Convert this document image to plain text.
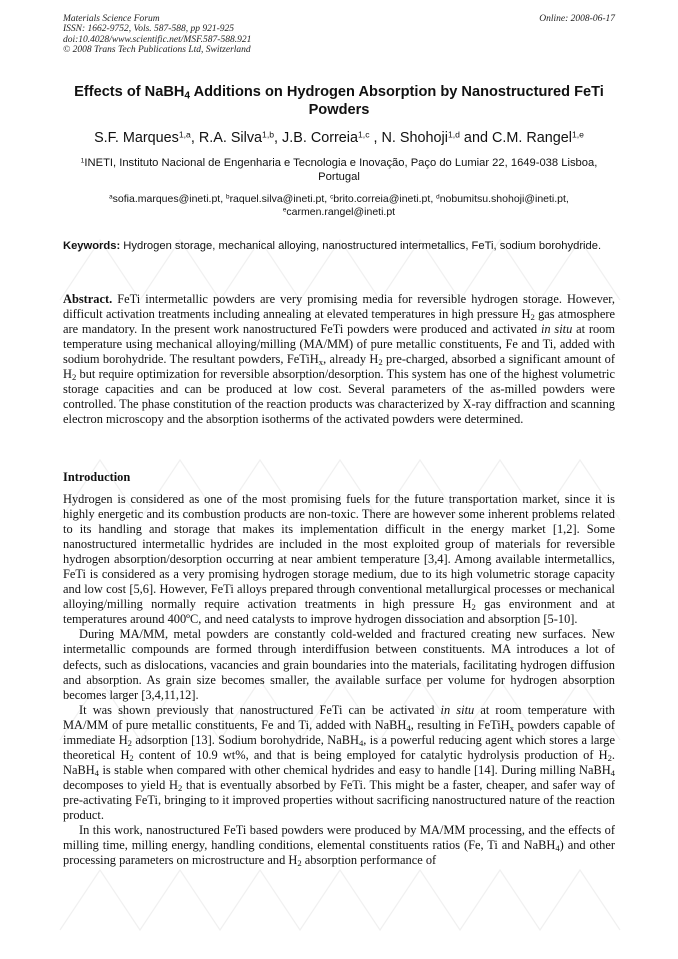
Materials Science Forum
ISSN: 1662-9752, Vols. 587-588, pp 921-925
doi:10.4028/www.scientific.net/MSF.587-588.921
© 2008 Trans Tech Publications Ltd, Switzerland
Online: 2008-06-17
Effects of NaBH$_4$ Additions on Hydrogen Absorption by Nanostructured FeTi Powders
S.F. Marques$^{1,a}$, R.A. Silva$^{1,b}$, J.B. Correia$^{1,c}$ , N. Shohoji$^{1,d}$ and C.M. Rangel$^{1,e}$
$^1$INETI, Instituto Nacional de Engenharia e Tecnologia e Inovação, Paço do Lumiar 22, 1649-038 Lisboa, Portugal
$^a$sofia.marques@ineti.pt, $^b$raquel.silva@ineti.pt, $^c$brito.correia@ineti.pt, $^d$nobumitsu.shohoji@ineti.pt, $^e$carmen.rangel@ineti.pt
Keywords: Hydrogen storage, mechanical alloying, nanostructured intermetallics, FeTi, sodium borohydride.

Abstract. FeTi intermetallic powders are very promising media for reversible hydrogen storage. However, difficult activation treatments including annealing at elevated temperatures in high pressure $H_2$ gas atmosphere are mandatory. In the present work nanostructured FeTi powders were produced and activated in situ at room temperature using mechanical alloying/milling (MA/MM) of pure metallic constituents, Fe and Ti, added with sodium borohydride. The resultant powders, FeTiH$_x$, already $H_2$ pre-charged, absorbed a significant amount of $H_2$ but require optimization for reversible absorption/desorption. This system has one of the highest volumetric storage capacities and can be produced at low cost. Several parameters of the as-milled powders were controlled. The phase constitution of the reaction products was characterized by X-ray diffraction and scanning electron microscopy and the absorption isotherms of the activated powders were determined.

Introduction

Hydrogen is considered as one of the most promising fuels for the future transportation market, since it is highly energetic and its combustion products are non-toxic. There are however some inherent problems related to its handling and storage that makes its implementation difficult in the energy market [1,2]. Some nanostructured intermetallic hydrides are included in the most exploited group of materials for reversible hydrogen absorption/desorption occurring at near ambient temperature [3,4]. Among available intermetallics, FeTi is considered as a very promising hydrogen storage medium, due to its high volumetric storage capacity and low cost [5,6]. However, FeTi alloys prepared through conventional metallurgical processes or mechanical alloying/milling normally require activation treatments in high pressure $H_2$ gas environment and at temperatures around 400ºC, and need catalysts to improve hydrogen dissociation and absorption [5-10].

During MA/MM, metal powders are constantly cold-welded and fractured creating new surfaces. New intermetallic compounds are formed through interdiffusion between constituents. MA introduces a lot of defects, such as dislocations, vacancies and grain boundaries into the materials, facilitating hydrogen diffusion and absorption. As grain size becomes smaller, the available surface per volume for hydrogen absorption becomes larger [3,4,11,12].

It was shown previously that nanostructured FeTi can be activated in situ at room temperature with MA/MM of pure metallic constituents, Fe and Ti, added with NaBH$_4$, resulting in FeTiH$_x$ powders capable of immediate $H_2$ adsorption [13]. Sodium borohydride, NaBH$_4$, is a powerful reducing agent which stores a large theoretical $H_2$ content of 10.9 wt%, and that is being employed for catalytic hydrolysis production of $H_2$. NaBH$_4$ is stable when compared with other chemical hydrides and easy to handle [14]. During milling NaBH$_4$ decomposes to yield $H_2$ that is eventually absorbed by FeTi. This might be a faster, cheaper, and safer way of pre-activating FeTi, bringing to it improved properties without sacrificing nanostructured nature of the reaction product.

In this work, nanostructured FeTi based powders were produced by MA/MM processing, and the effects of milling time, milling energy, handling conditions, elemental constituents ratios (Fe, Ti and NaBH$_4$) and other processing parameters on microstructure and $H_2$ absorption performance of
